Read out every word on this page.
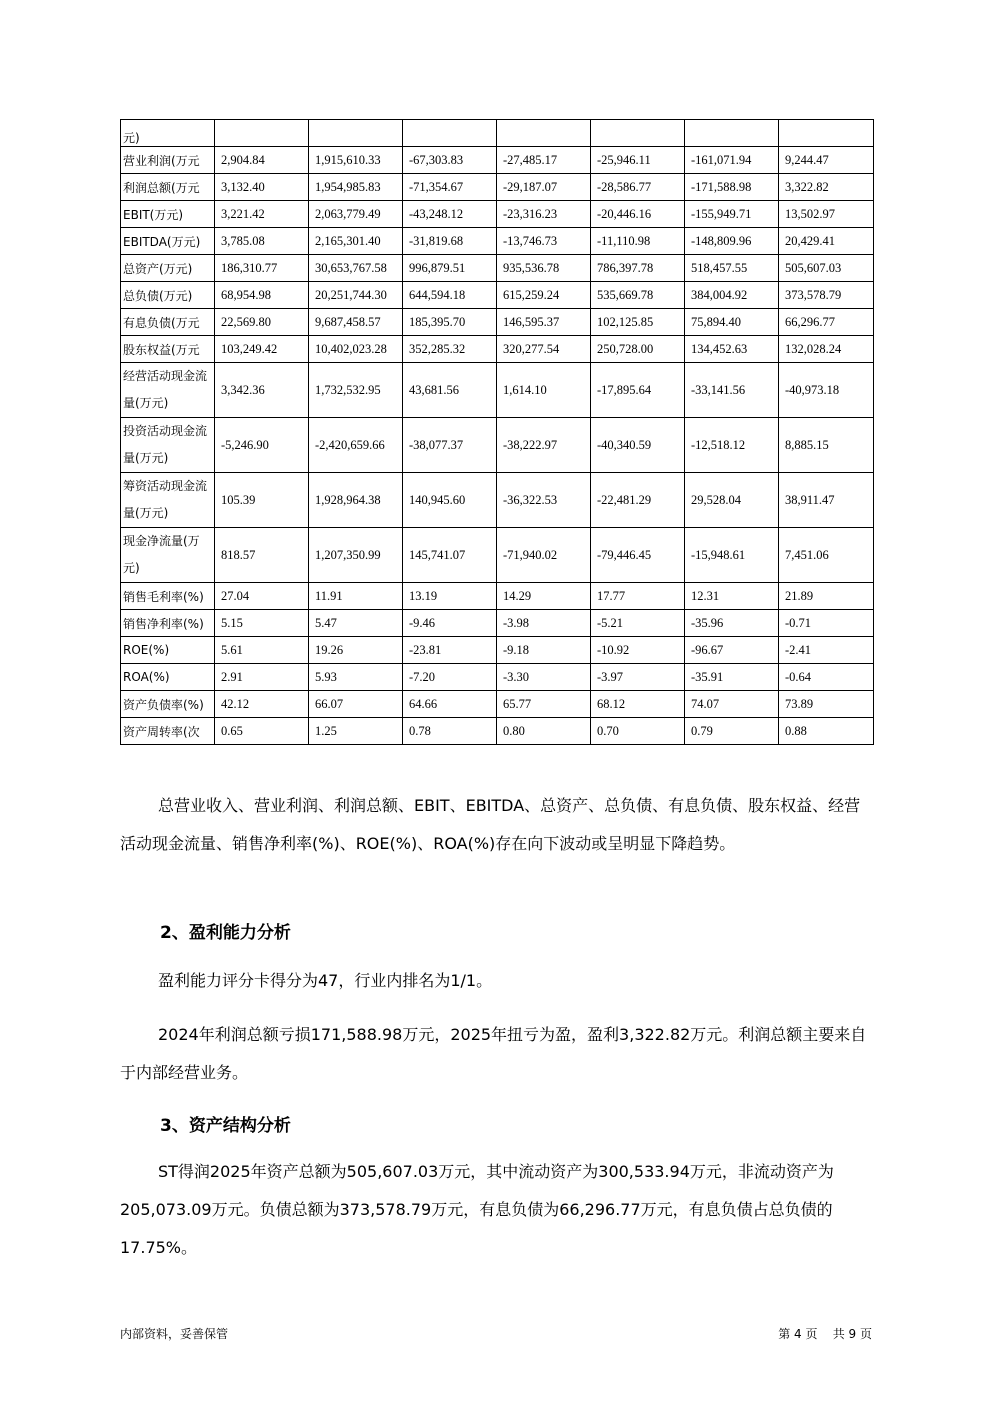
元)							
营业利润(万元	2,904.84	1,915,610.33	-67,303.83	-27,485.17	-25,946.11	-161,071.94	9,244.47
利润总额(万元	3,132.40	1,954,985.83	-71,354.67	-29,187.07	-28,586.77	-171,588.98	3,322.82
EBIT(万元)	3,221.42	2,063,779.49	-43,248.12	-23,316.23	-20,446.16	-155,949.71	13,502.97
EBITDA(万元)	3,785.08	2,165,301.40	-31,819.68	-13,746.73	-11,110.98	-148,809.96	20,429.41
总资产(万元)	186,310.77	30,653,767.58	996,879.51	935,536.78	786,397.78	518,457.55	505,607.03
总负债(万元)	68,954.98	20,251,744.30	644,594.18	615,259.24	535,669.78	384,004.92	373,578.79
有息负债(万元	22,569.80	9,687,458.57	185,395.70	146,595.37	102,125.85	75,894.40	66,296.77
股东权益(万元	103,249.42	10,402,023.28	352,285.32	320,277.54	250,728.00	134,452.63	132,028.24
经营活动现金流量(万元)	3,342.36	1,732,532.95	43,681.56	1,614.10	-17,895.64	-33,141.56	-40,973.18
投资活动现金流量(万元)	-5,246.90	-2,420,659.66	-38,077.37	-38,222.97	-40,340.59	-12,518.12	8,885.15
筹资活动现金流量(万元)	105.39	1,928,964.38	140,945.60	-36,322.53	-22,481.29	29,528.04	38,911.47
现金净流量(万元)	818.57	1,207,350.99	145,741.07	-71,940.02	-79,446.45	-15,948.61	7,451.06
销售毛利率(%)	27.04	11.91	13.19	14.29	17.77	12.31	21.89
销售净利率(%)	5.15	5.47	-9.46	-3.98	-5.21	-35.96	-0.71
ROE(%)	5.61	19.26	-23.81	-9.18	-10.92	-96.67	-2.41
ROA(%)	2.91	5.93	-7.20	-3.30	-3.97	-35.91	-0.64
资产负债率(%)	42.12	66.07	64.66	65.77	68.12	74.07	73.89
资产周转率(次	0.65	1.25	0.78	0.80	0.70	0.79	0.88
总营业收入、营业利润、利润总额、EBIT、EBITDA、总资产、总负债、有息负债、股东权益、经营活动现金流量、销售净利率(%)、ROE(%)、ROA(%)存在向下波动或呈明显下降趋势。
2、盈利能力分析
盈利能力评分卡得分为47，行业内排名为1/1。
2024年利润总额亏损171,588.98万元，2025年扭亏为盈，盈利3,322.82万元。利润总额主要来自于内部经营业务。
3、资产结构分析
ST得润2025年资产总额为505,607.03万元，其中流动资产为300,533.94万元，非流动资产为205,073.09万元。负债总额为373,578.79万元，有息负债为66,296.77万元，有息负债占总负债的17.75%。
内部资料，妥善保管	第 4 页    共 9 页
